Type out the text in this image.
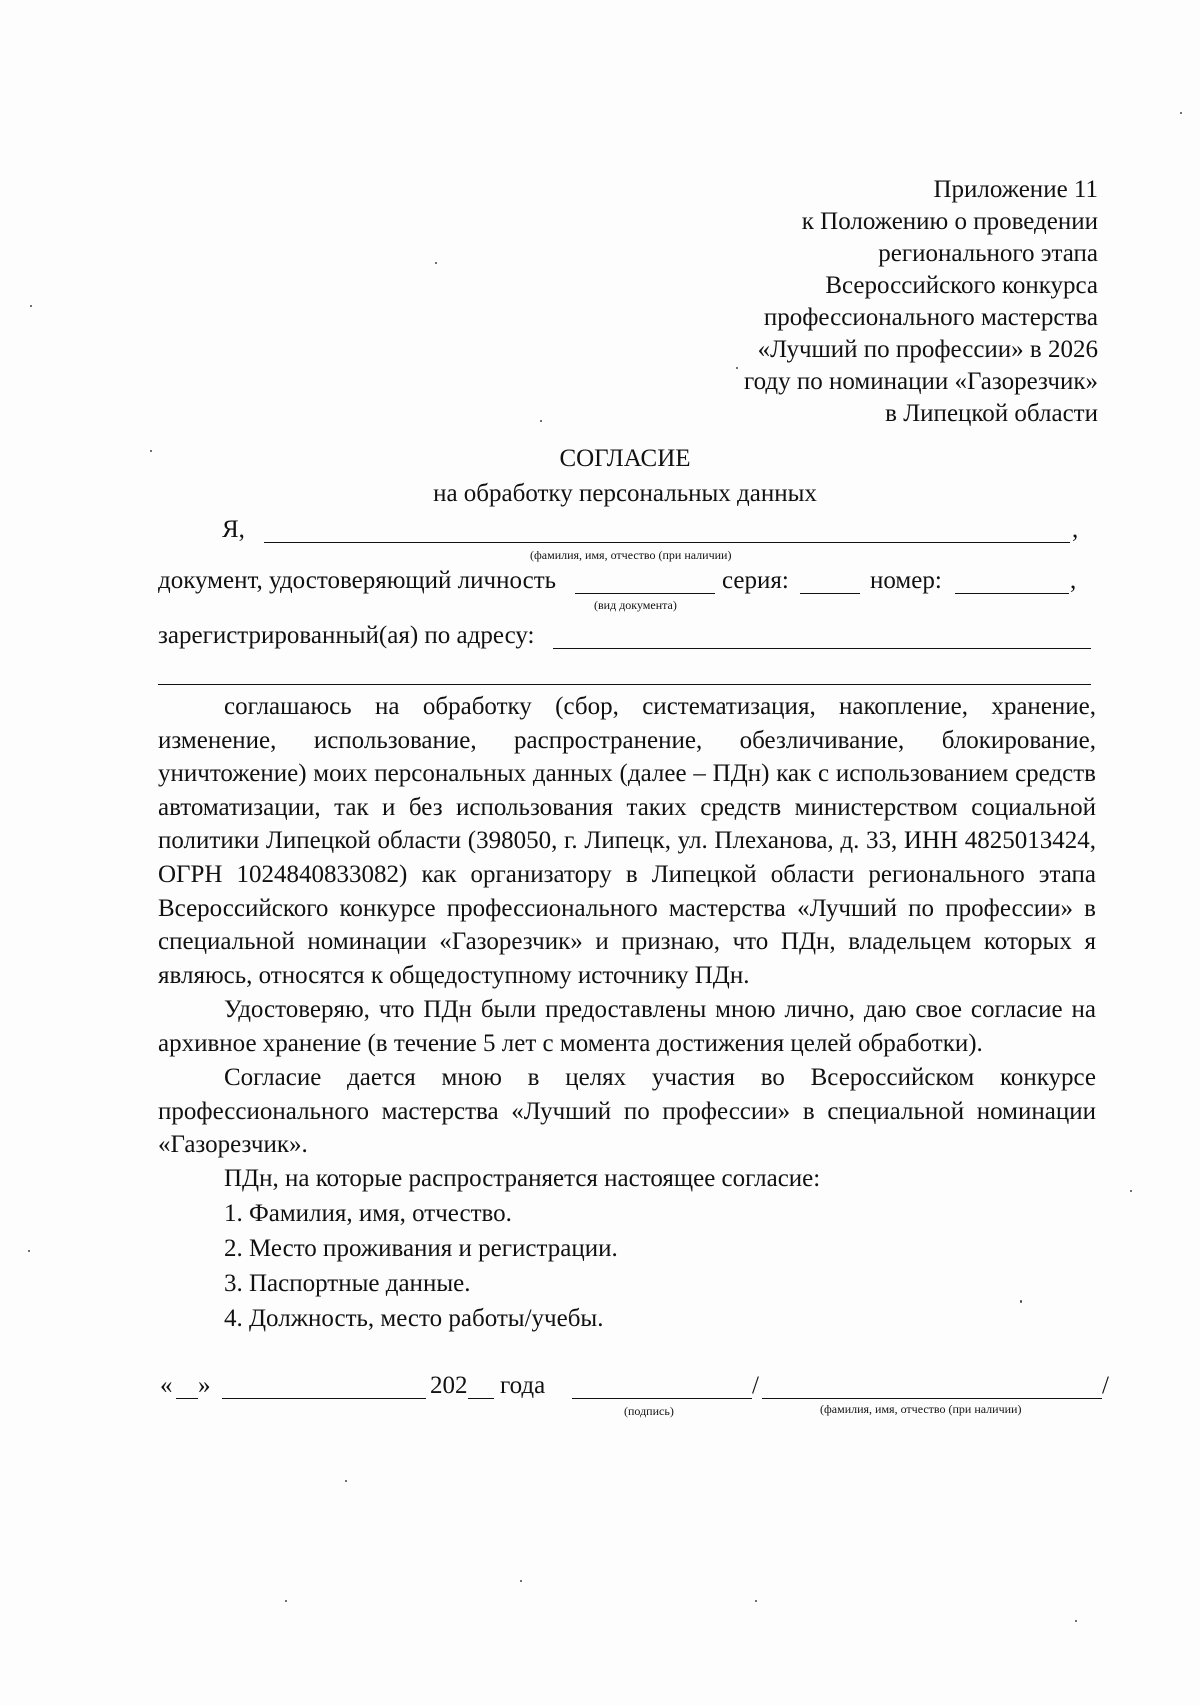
Приложение 11
к Положению о проведении
регионального этапа
Всероссийского конкурса
профессионального мастерства
«Лучший по профессии» в 2026
году по номинации «Газорезчик»
в Липецкой области
СОГЛАСИЕ
на обработку персональных данных
Я,	,
(фамилия, имя, отчество (при наличии)
документ, удостоверяющий личность	серия:	номер:	,
(вид документа)
зарегистрированный(ая) по адресу:
соглашаюсь на обработку (сбор, систематизация, накопление, хранение, изменение, использование, распространение, обезличивание, блокирование, уничтожение) моих персональных данных (далее – ПДн) как с использованием средств автоматизации, так и без использования таких средств министерством социальной политики Липецкой области (398050, г. Липецк, ул. Плеханова, д. 33, ИНН 4825013424, ОГРН 1024840833082) как организатору в Липецкой области регионального этапа Всероссийского конкурсе профессионального мастерства «Лучший по профессии» в специальной номинации «Газорезчик» и признаю, что ПДн, владельцем которых я являюсь, относятся к общедоступному источнику ПДн.
Удостоверяю, что ПДн были предоставлены мною лично, даю свое согласие на архивное хранение (в течение 5 лет с момента достижения целей обработки).
Согласие дается мною в целях участия во Всероссийском конкурсе профессионального мастерства «Лучший по профессии» в специальной номинации «Газорезчик».
ПДн, на которые распространяется настоящее согласие:
1. Фамилия, имя, отчество.
2. Место проживания и регистрации.
3. Паспортные данные.
4. Должность, место работы/учебы.
« »	202 года	/	/
(подпись)	(фамилия, имя, отчество (при наличии)
